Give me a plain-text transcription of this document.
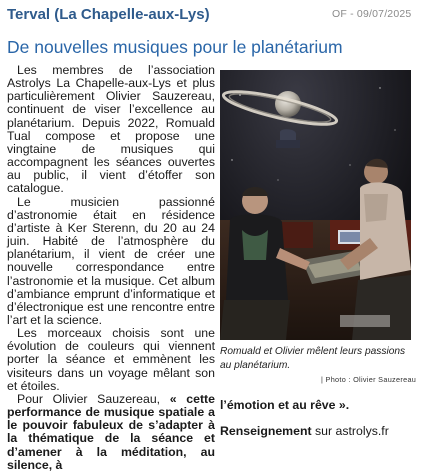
Terval (La Chapelle-aux-Lys)	OF - 09/07/2025
De nouvelles musiques pour le planétarium

Les membres de l’association Astrolys La Chapelle-aux-Lys et plus particulièrement Olivier Sauzereau, continuent de viser l’excellence au planétarium. Depuis 2022, Romuald Tual compose et propose une vingtaine de musiques qui accompagnent les séances ouvertes au public, il vient d’étoffer son catalogue.

Le musicien passionné d’astronomie était en résidence d’artiste à Ker Sterenn, du 20 au 24 juin. Habité de l’atmosphère du planétarium, il vient de créer une nouvelle correspondance entre l’astronomie et la musique. Cet album d’ambiance emprunt d’informatique et d’électronique est une rencontre entre l’art et la science.

Les morceaux choisis sont une évolution de couleurs qui viennent porter la séance et emmènent les visiteurs dans un voyage mêlant son et étoiles.

Pour Olivier Sauzereau, « cette performance de musique spatiale a le pouvoir fabuleux de s’adapter à la thématique de la séance et d’amener à la méditation, au silence, à

Romuald et Olivier mêlent leurs passions au planétarium.
| Photo : Olivier Sauzereau

l’émotion et au rêve ».

Renseignement sur astrolys.fr
